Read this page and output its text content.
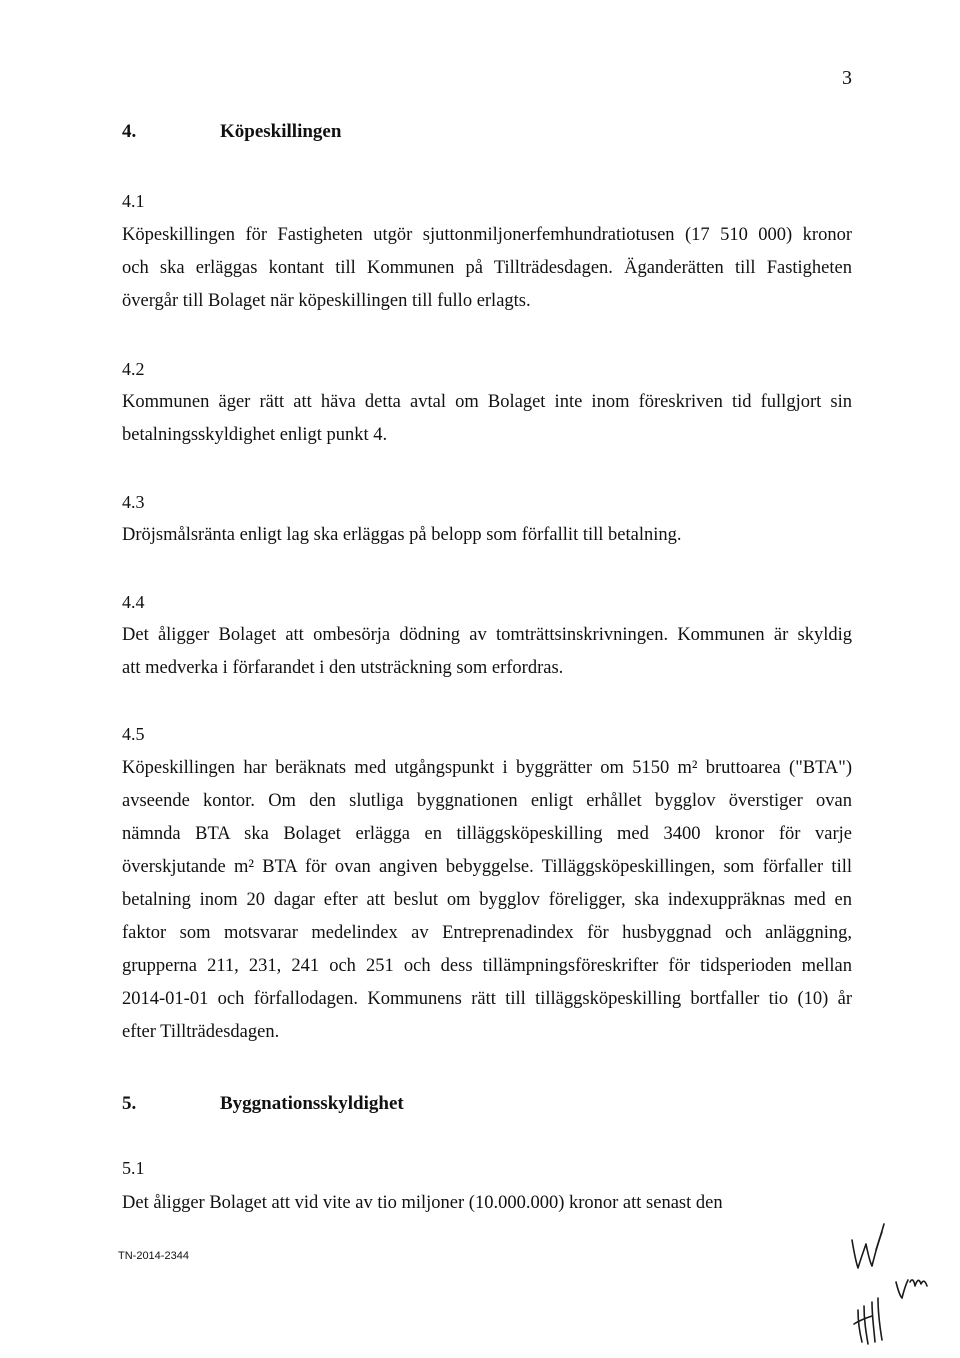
3
4.	Köpeskillingen
4.1
Köpeskillingen för Fastigheten utgör sjuttonmiljonerfemhundratiotusen (17 510 000) kronor
och ska erläggas kontant till Kommunen på Tillträdesdagen. Äganderätten till Fastigheten
övergår till Bolaget när köpeskillingen till fullo erlagts.
4.2
Kommunen äger rätt att häva detta avtal om Bolaget inte inom föreskriven tid fullgjort sin
betalningsskyldighet enligt punkt 4.
4.3
Dröjsmålsränta enligt lag ska erläggas på belopp som förfallit till betalning.
4.4
Det åligger Bolaget att ombesörja dödning av tomträttsinskrivningen. Kommunen är skyldig
att medverka i förfarandet i den utsträckning som erfordras.
4.5
Köpeskillingen har beräknats med utgångspunkt i byggrätter om 5150 m² bruttoarea ("BTA")
avseende kontor. Om den slutliga byggnationen enligt erhållet bygglov överstiger ovan
nämnda BTA ska Bolaget erlägga en tilläggsköpeskilling med 3400 kronor för varje
överskjutande m² BTA för ovan angiven bebyggelse. Tilläggsköpeskillingen, som förfaller till
betalning inom 20 dagar efter att beslut om bygglov föreligger, ska indexuppräknas med en
faktor som motsvarar medelindex av Entreprenadindex för husbyggnad och anläggning,
grupperna 211, 231, 241 och 251 och dess tillämpningsföreskrifter för tidsperioden mellan
2014-01-01 och förfallodagen. Kommunens rätt till tilläggsköpeskilling bortfaller tio (10) år
efter Tillträdesdagen.
5.	Byggnationsskyldighet
5.1
Det åligger Bolaget att vid vite av tio miljoner (10.000.000) kronor att senast den
TN-2014-2344
